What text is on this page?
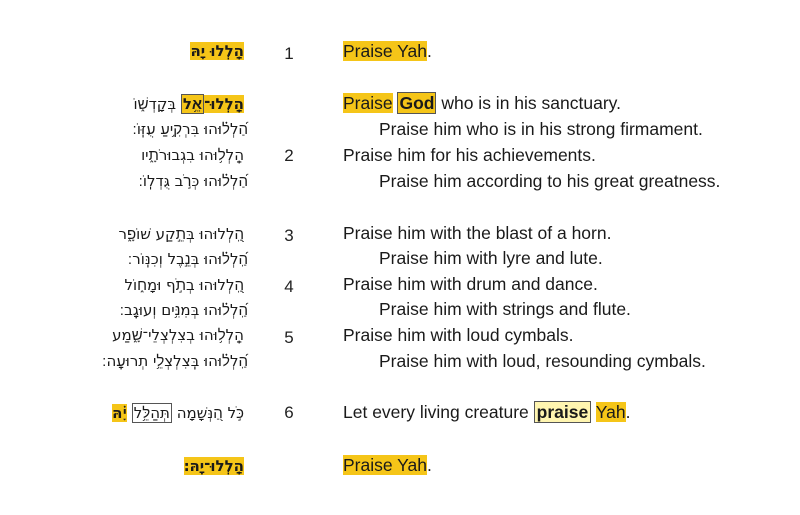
הַֽלְלוּ יָהּ
הַֽלְלוּ־אֵ֥ל בְּקָדְשׁ֑וֹ
הַ֝לְל֗וּהוּ בִּרְקִ֥יעַ עֻזּֽוֹ׃
הַֽלְל֥וּהוּ בִגְבוּרֹתָ֑יו
הַ֝לְל֗וּהוּ כְּרֹ֣ב גֻּדְלֽוֹ׃
הַֽ֭לְלוּהוּ בְּתֵ֣קַע שׁוֹפָ֑ר
הַֽ֝לְל֗וּהוּ בְּנֵ֣בֶל וְכִנּֽוֹר׃
הַֽ֭לְלוּהוּ בְתֹ֣ף וּמָח֑וֹל
הַֽ֝לְל֗וּהוּ בְּמִנִּ֥ים וְעוּגָֽב׃
הַֽלְל֥וּהוּ בְצִלְצְלֵי־שָׁ֑מַע
הַֽ֝לְל֗וּהוּ בְּֽצִלְצְלֵ֥י תְרוּעָֽה׃
כֹּ֣ל הַ֭נְּשָׁמָה תְּהַלֵּ֥ל יָ֗הּ
הַֽלְלוּ־יָֽהּ׃
1
2
3
4
5
6
Praise Yah.
Praise God who is in his sanctuary.
Praise him who is in his strong firmament.
Praise him for his achievements.
Praise him according to his great greatness.
Praise him with the blast of a horn.
Praise him with lyre and lute.
Praise him with drum and dance.
Praise him with strings and flute.
Praise him with loud cymbals.
Praise him with loud, resounding cymbals.
Let every living creature praise Yah.
Praise Yah.
